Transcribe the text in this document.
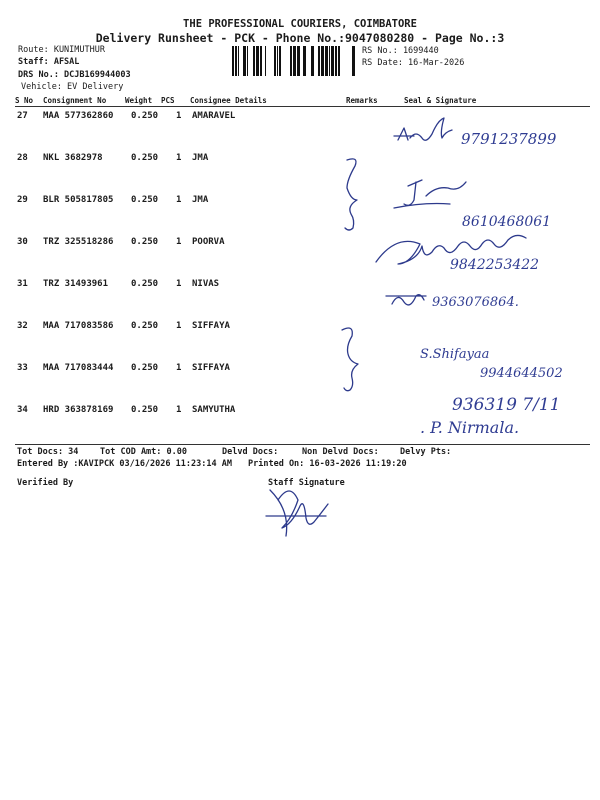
THE PROFESSIONAL COURIERS, COIMBATORE
Delivery Runsheet - PCK - Phone No.:9047080280 - Page No.:3
Route: KUNIMUTHUR
Staff: AFSAL
DRS No.: DCJB169944003
Vehicle: EV Delivery
RS No.: 1699440
RS Date: 16-Mar-2026
S No Consignment No	Weight PCS Consignee Details	Remarks	Seal & Signature
27 MAA 577362860 0.250 1 AMARAVEL
28 NKL 3682978	0.250 1 JMA
29 BLR 505817805 0.250 1 JMA
30 TRZ 325518286 0.250 1 POORVA
31 TRZ 31493961	0.250 1 NIVAS
32 MAA 717083586 0.250 1 SIFFAYA
33 MAA 717083444 0.250 1 SIFFAYA
34 HRD 363878169 0.250 1 SAMYUTHA
9791237899
8610468061
9842253422
9363076864.
S.Shifayaa
9944644502
936319 7/11
. P. Nirmala.
Tot Docs: 34	Tot COD Amt: 0.00	Delvd Docs:	Non Delvd Docs: Delvy Pts:
Entered By :KAVIPCK 03/16/2026 11:23:14 AM Printed On: 16-03-2026 11:19:20
Verified By	Staff Signature
